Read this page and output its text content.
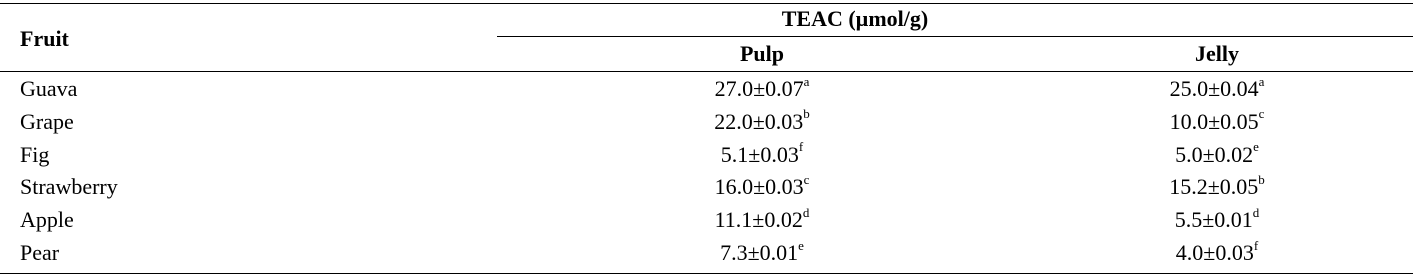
Fruit
TEAC (µmol/g)
Pulp	Jelly
Guava	27.0±0.07$^a$	25.0±0.04$^a$
Grape	22.0±0.03$^b$	10.0±0.05$^c$
Fig	5.1±0.03$^f$	5.0±0.02$^e$
Strawberry	16.0±0.03$^c$	15.2±0.05$^b$
Apple	11.1±0.02$^d$	5.5±0.01$^d$
Pear	7.3±0.01$^e$	4.0±0.03$^f$
